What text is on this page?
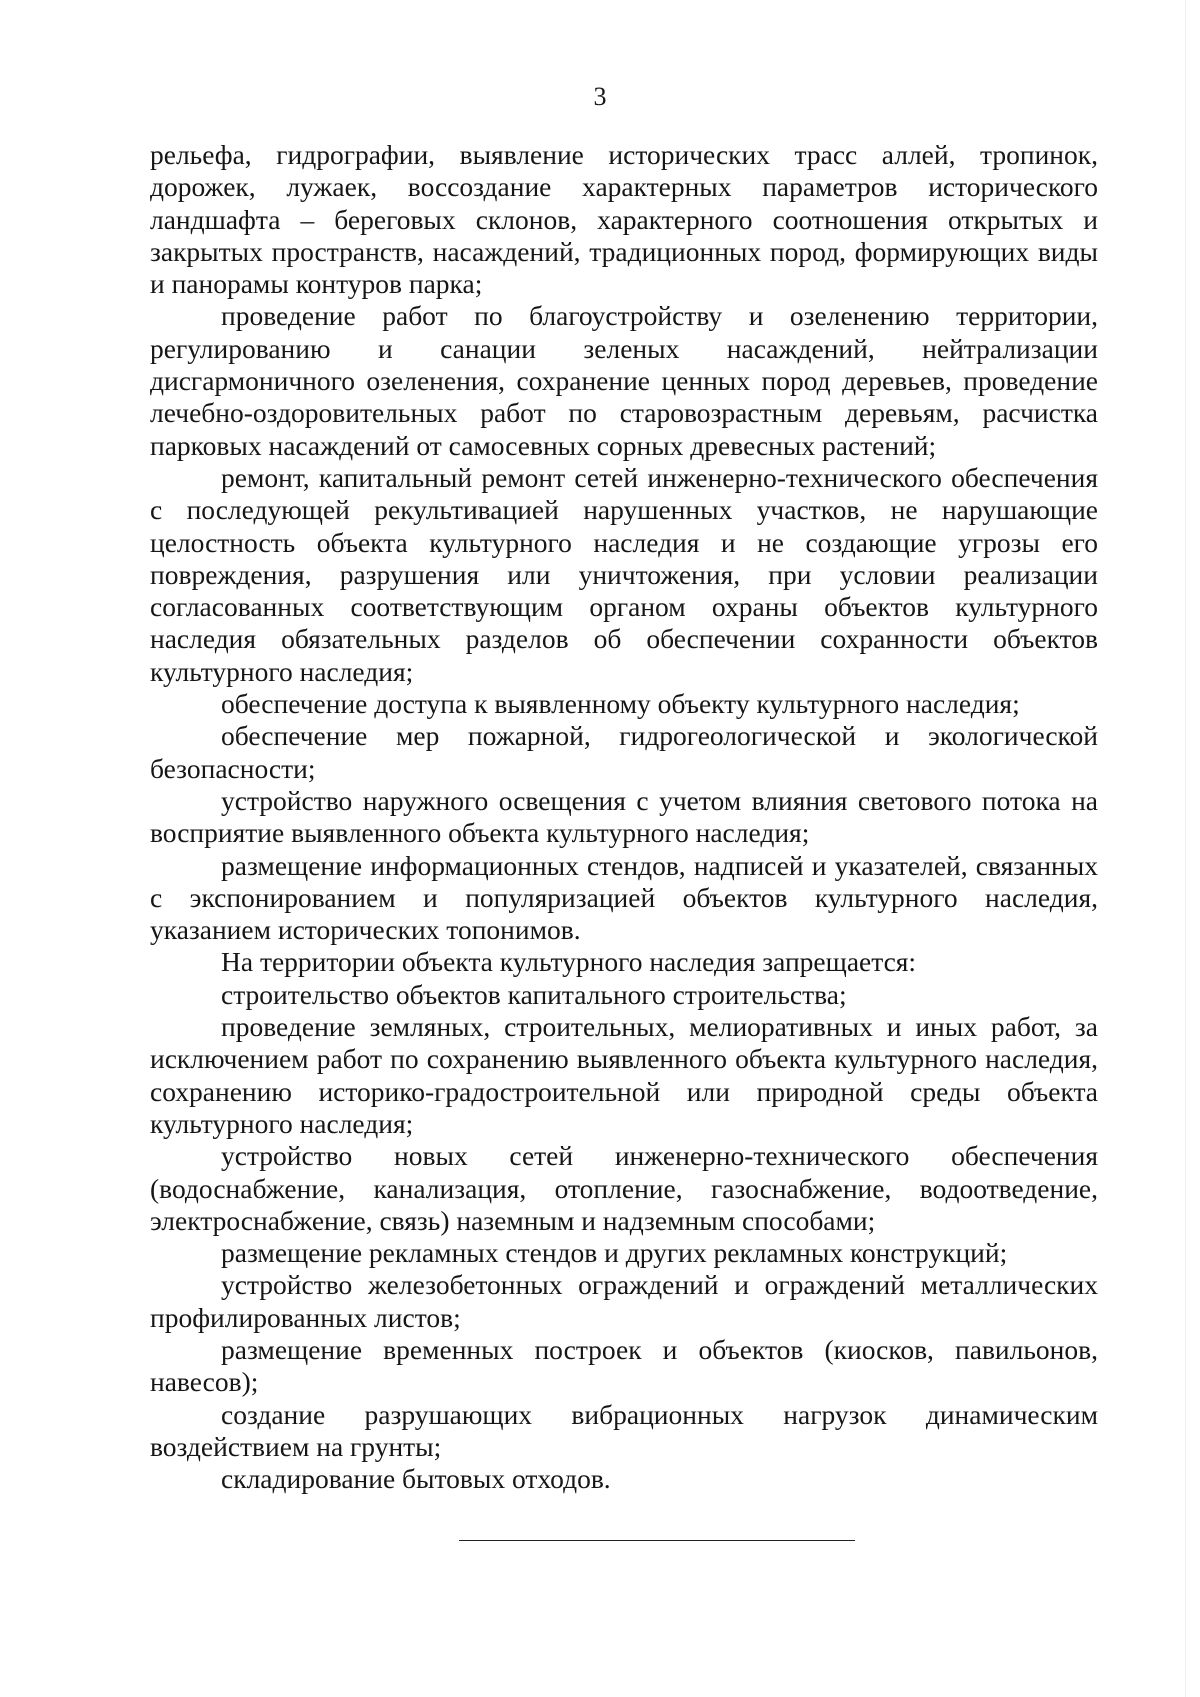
3

рельефа, гидрографии, выявление исторических трасс аллей, тропинок, дорожек, лужаек, воссоздание характерных параметров исторического ландшафта – береговых склонов, характерного соотношения открытых и закрытых пространств, насаждений, традиционных пород, формирующих виды и панорамы контуров парка;

проведение работ по благоустройству и озеленению территории, регулированию и санации зеленых насаждений, нейтрализации дисгармоничного озеленения, сохранение ценных пород деревьев, проведение лечебно-оздоровительных работ по старовозрастным деревьям, расчистка парковых насаждений от самосевных сорных древесных растений;

ремонт, капитальный ремонт сетей инженерно-технического обеспечения с последующей рекультивацией нарушенных участков, не нарушающие целостность объекта культурного наследия и не создающие угрозы его повреждения, разрушения или уничтожения, при условии реализации согласованных соответствующим органом охраны объектов культурного наследия обязательных разделов об обеспечении сохранности объектов культурного наследия;

обеспечение доступа к выявленному объекту культурного наследия;

обеспечение мер пожарной, гидрогеологической и экологической безопасности;

устройство наружного освещения с учетом влияния светового потока на восприятие выявленного объекта культурного наследия;

размещение информационных стендов, надписей и указателей, связанных с экспонированием и популяризацией объектов культурного наследия, указанием исторических топонимов.

На территории объекта культурного наследия запрещается:

строительство объектов капитального строительства;

проведение земляных, строительных, мелиоративных и иных работ, за исключением работ по сохранению выявленного объекта культурного наследия, сохранению историко-градостроительной или природной среды объекта культурного наследия;

устройство новых сетей инженерно-технического обеспечения (водоснабжение, канализация, отопление, газоснабжение, водоотведение, электроснабжение, связь) наземным и надземным способами;

размещение рекламных стендов и других рекламных конструкций;

устройство железобетонных ограждений и ограждений металлических профилированных листов;

размещение временных построек и объектов (киосков, павильонов, навесов);

создание разрушающих вибрационных нагрузок динамическим воздействием на грунты;

складирование бытовых отходов.
